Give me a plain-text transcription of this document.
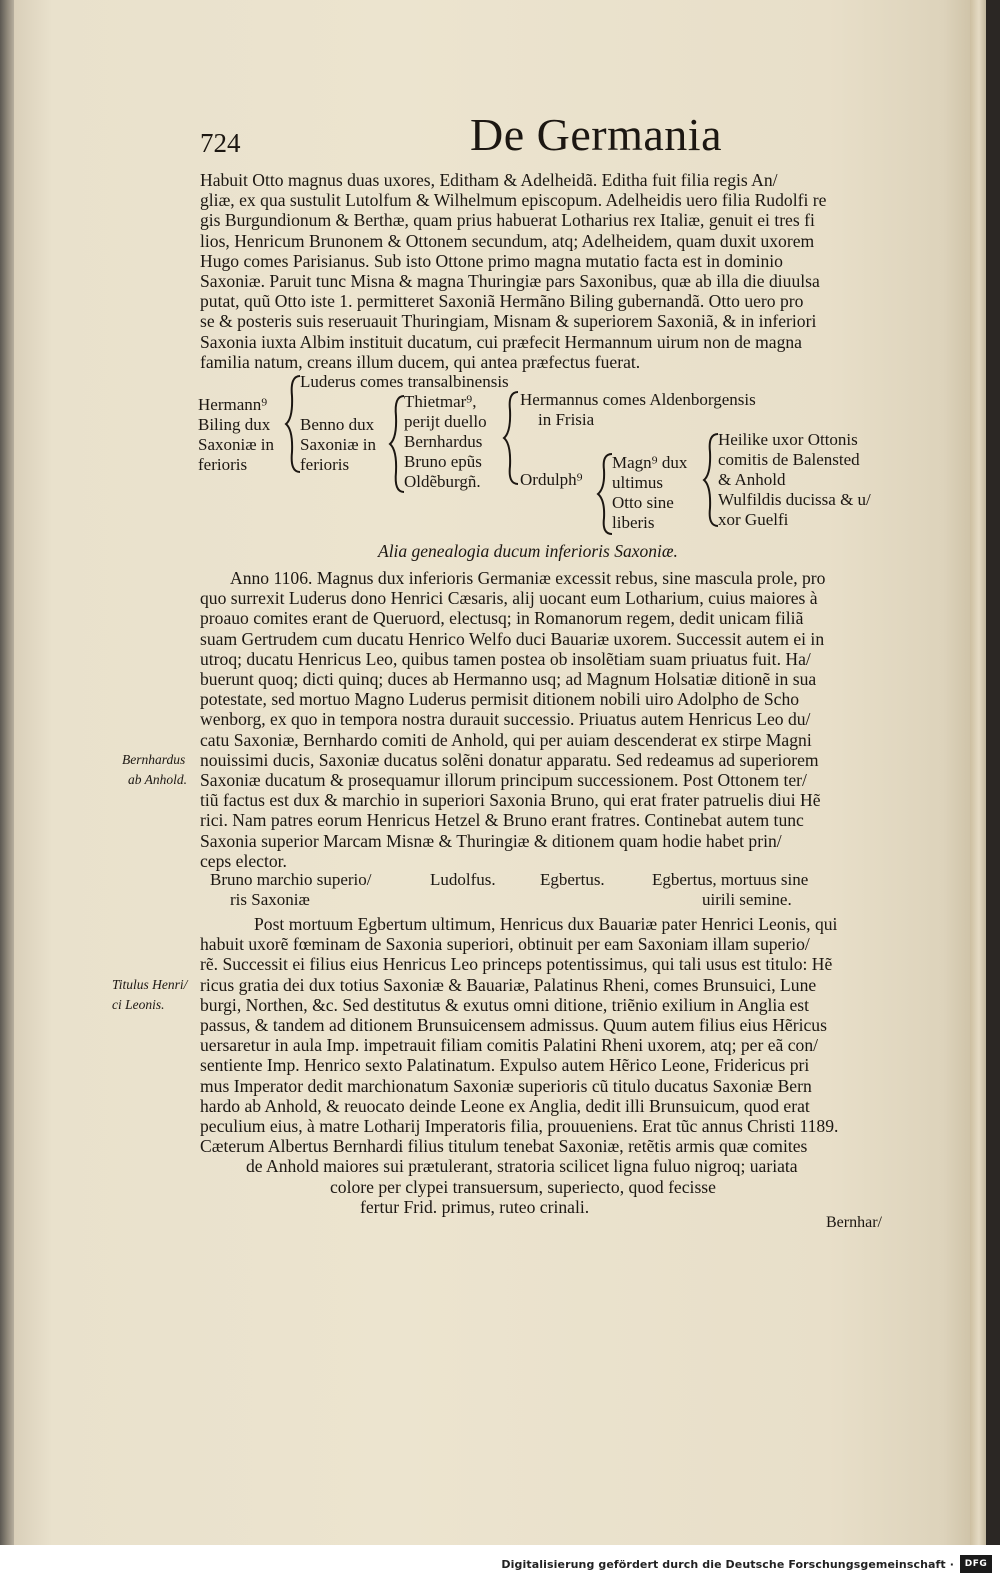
724	De Germania
Habuit Otto magnus duas uxores, Editham & Adelheidã. Editha fuit filia regis An/
gliæ, ex qua sustulit Lutolfum & Wilhelmum episcopum. Adelheidis uero filia Rudolfi re
gis Burgundionum & Berthæ, quam prius habuerat Lotharius rex Italiæ, genuit ei tres fi
lios, Henricum Brunonem & Ottonem secundum, atq; Adelheidem, quam duxit uxorem
Hugo comes Parisianus. Sub isto Ottone primo magna mutatio facta est in dominio
Saxoniæ. Paruit tunc Misna & magna Thuringiæ pars Saxonibus, quæ ab illa die diuulsa
putat, quũ Otto iste 1. permitteret Saxoniã Hermãno Biling gubernandã. Otto uero pro
se & posteris suis reseruauit Thuringiam, Misnam & superiorem Saxoniã, & in inferiori
Saxonia iuxta Albim instituit ducatum, cui præfecit Hermannum uirum non de magna
familia natum, creans illum ducem, qui antea præfectus fuerat.
Hermann⁹
Biling dux
Saxoniæ in
ferioris
Luderus comes transalbinensis
Benno dux
Saxoniæ in
ferioris
Thietmar⁹,
perijt duello
Bernhardus
Bruno epũs
Oldẽburgñ.
Hermannus comes Aldenborgensis
in Frisia
Ordulph⁹
Magn⁹ dux
ultimus
Otto sine
liberis
Heilike uxor Ottonis
comitis de Balensted
& Anhold
Wulfildis ducissa & u/
xor Guelfi
Alia genealogia ducum inferioris Saxoniæ.
Anno 1106. Magnus dux inferioris Germaniæ excessit rebus, sine mascula prole, pro
quo surrexit Luderus dono Henrici Cæsaris, alij uocant eum Lotharium, cuius maiores à
proauo comites erant de Queruord, electusq; in Romanorum regem, dedit unicam filiã
suam Gertrudem cum ducatu Henrico Welfo duci Bauariæ uxorem. Successit autem ei in
utroq; ducatu Henricus Leo, quibus tamen postea ob insolẽtiam suam priuatus fuit. Ha/
buerunt quoq; dicti quinq; duces ab Hermanno usq; ad Magnum Holsatiæ ditionẽ in sua
potestate, sed mortuo Magno Luderus permisit ditionem nobili uiro Adolpho de Scho
wenborg, ex quo in tempora nostra durauit successio. Priuatus autem Henricus Leo du/
catu Saxoniæ, Bernhardo comiti de Anhold, qui per auiam descenderat ex stirpe Magni
nouissimi ducis, Saxoniæ ducatus solẽni donatur apparatu. Sed redeamus ad superiorem
Saxoniæ ducatum & prosequamur illorum principum successionem. Post Ottonem ter/
tiũ factus est dux & marchio in superiori Saxonia Bruno, qui erat frater patruelis diui Hẽ
rici. Nam patres eorum Henricus Hetzel & Bruno erant fratres. Continebat autem tunc
Saxonia superior Marcam Misnæ & Thuringiæ & ditionem quam hodie habet prin/
ceps elector.
Bernhardus
ab Anhold.
Bruno marchio superio/
ris Saxoniæ
Ludolfus.	Egbertus.	Egbertus, mortuus sine
uirili semine.
Post mortuum Egbertum ultimum, Henricus dux Bauariæ pater Henrici Leonis, qui
habuit uxorẽ fœminam de Saxonia superiori, obtinuit per eam Saxoniam illam superio/
rẽ. Successit ei filius eius Henricus Leo princeps potentissimus, qui tali usus est titulo: Hẽ
ricus gratia dei dux totius Saxoniæ & Bauariæ, Palatinus Rheni, comes Brunsuici, Lune
burgi, Northen, &c. Sed destitutus & exutus omni ditione, triẽnio exilium in Anglia est
passus, & tandem ad ditionem Brunsuicensem admissus. Quum autem filius eius Hẽricus
uersaretur in aula Imp. impetrauit filiam comitis Palatini Rheni uxorem, atq; per eã con/
sentiente Imp. Henrico sexto Palatinatum. Expulso autem Hẽrico Leone, Fridericus pri
mus Imperator dedit marchionatum Saxoniæ superioris cũ titulo ducatus Saxoniæ Bern
hardo ab Anhold, & reuocato deinde Leone ex Anglia, dedit illi Brunsuicum, quod erat
peculium eius, à matre Lotharij Imperatoris filia, prouueniens. Erat tũc annus Christi 1189.
Cæterum Albertus Bernhardi filius titulum tenebat Saxoniæ, retẽtis armis quæ comites
de Anhold maiores sui prætulerant, stratoria scilicet ligna fuluo nigroq; uariata
colore per clypei transuersum, superiecto, quod fecisse
fertur Frid. primus, ruteo crinali.
Titulus Henri/
ci Leonis.
Bernhar/
Digitalisierung gefördert durch die Deutsche Forschungsgemeinschaft ·	DFG
